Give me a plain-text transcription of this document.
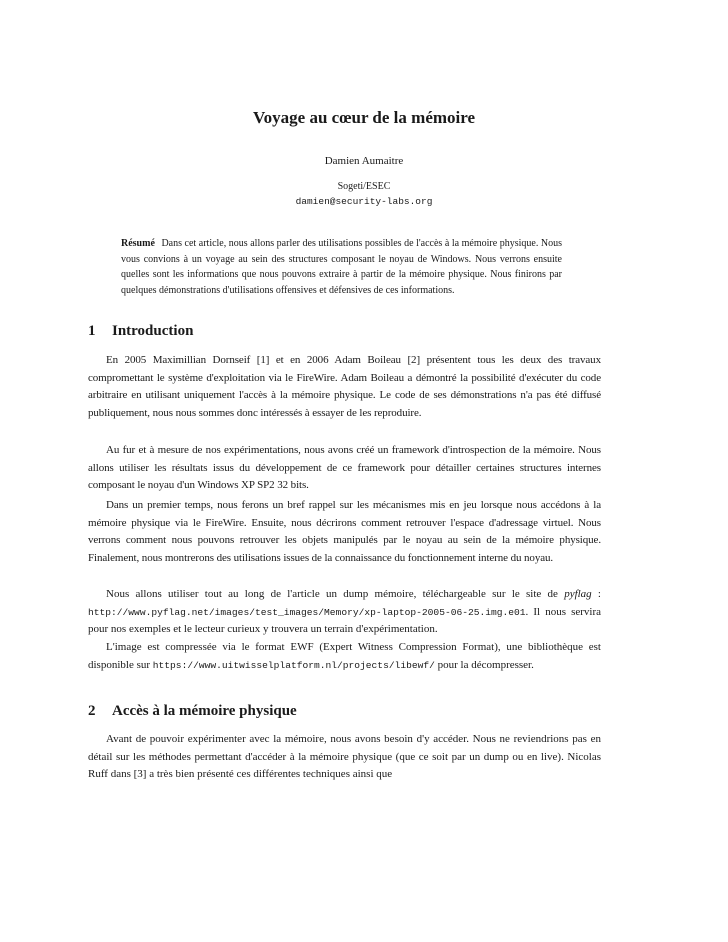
Voyage au cœur de la mémoire

Damien Aumaitre

Sogeti/ESEC

damien@security-labs.org

Résumé Dans cet article, nous allons parler des utilisations possibles de l'accès à la mémoire physique. Nous vous convions à un voyage au sein des structures composant le noyau de Windows. Nous verrons ensuite quelles sont les informations que nous pouvons extraire à partir de la mémoire physique. Nous finirons par quelques démonstrations d'utilisations offensives et défensives de ces informations.

1 Introduction

En 2005 Maximillian Dornseif [1] et en 2006 Adam Boileau [2] présentent tous les deux des travaux compromettant le système d'exploitation via le FireWire. Adam Boileau a démontré la possibilité d'exécuter du code arbitraire en utilisant uniquement l'accès à la mémoire physique. Le code de ses démonstrations n'a pas été diffusé publiquement, nous nous sommes donc intéressés à essayer de les reproduire.

Au fur et à mesure de nos expérimentations, nous avons créé un framework d'introspection de la mémoire. Nous allons utiliser les résultats issus du développement de ce framework pour détailler certaines structures internes composant le noyau d'un Windows XP SP2 32 bits.

Dans un premier temps, nous ferons un bref rappel sur les mécanismes mis en jeu lorsque nous accédons à la mémoire physique via le FireWire. Ensuite, nous décrirons comment retrouver l'espace d'adressage virtuel. Nous verrons comment nous pouvons retrouver les objets manipulés par le noyau au sein de la mémoire physique. Finalement, nous montrerons des utilisations issues de la connaissance du fonctionnement interne du noyau.

Nous allons utiliser tout au long de l'article un dump mémoire, téléchargeable sur le site de pyflag : http://www.pyflag.net/images/test_images/Memory/xp-laptop-2005-06-25.img.e01. Il nous servira pour nos exemples et le lecteur curieux y trouvera un terrain d'expérimentation.

L'image est compressée via le format EWF (Expert Witness Compression Format), une bibliothèque est disponible sur https://www.uitwisselplatform.nl/projects/libewf/ pour la décompresser.

2 Accès à la mémoire physique

Avant de pouvoir expérimenter avec la mémoire, nous avons besoin d'y accéder. Nous ne reviendrions pas en détail sur les méthodes permettant d'accéder à la mémoire physique (que ce soit par un dump ou en live). Nicolas Ruff dans [3] a très bien présenté ces différentes techniques ainsi que
